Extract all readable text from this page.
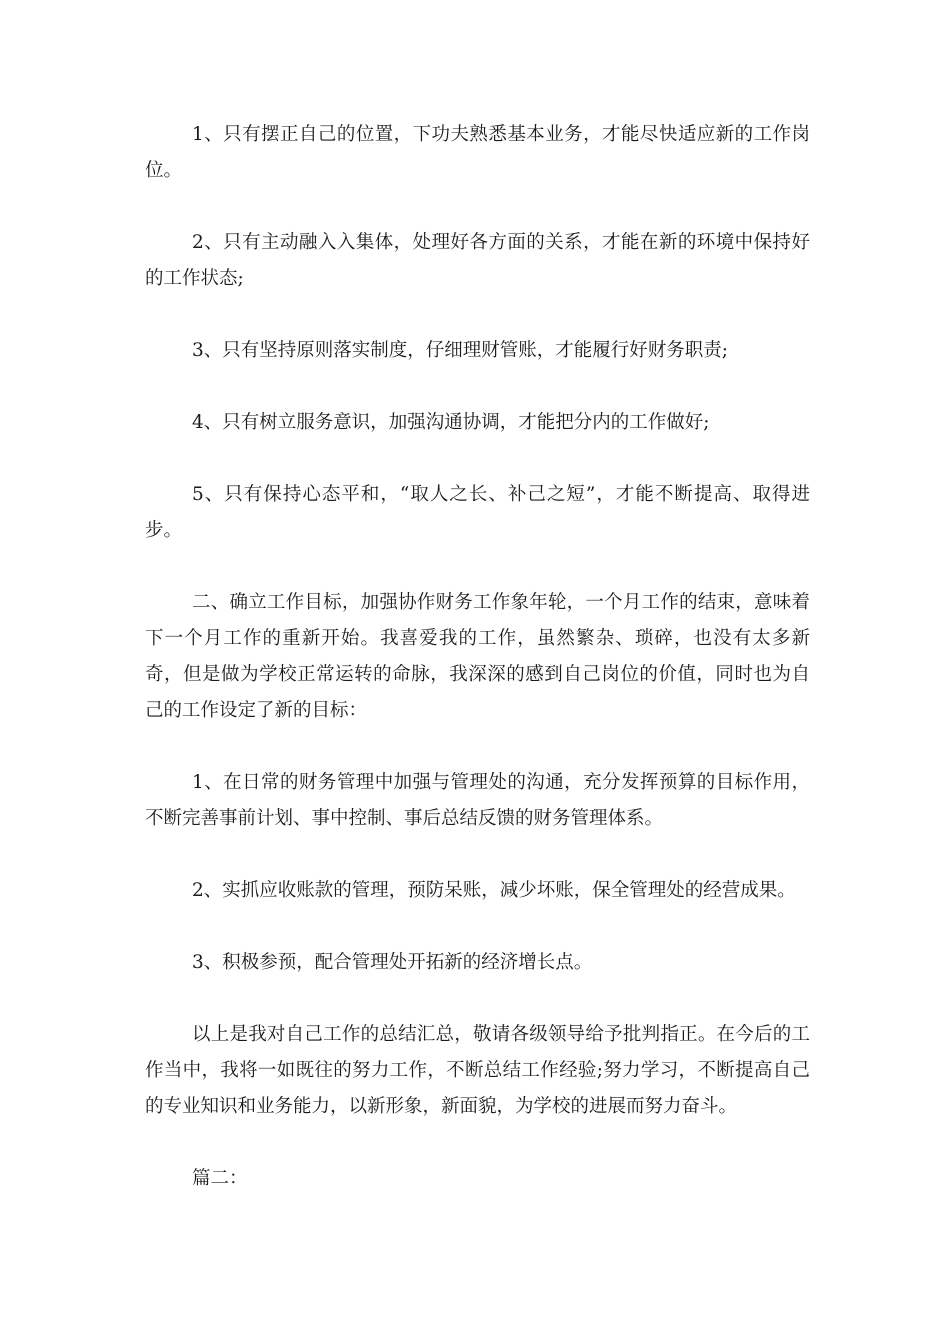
1、只有摆正自己的位置，下功夫熟悉基本业务，才能尽快适应新的工作岗位。

2、只有主动融入入集体，处理好各方面的关系，才能在新的环境中保持好的工作状态;

3、只有坚持原则落实制度，仔细理财管账，才能履行好财务职责;

4、只有树立服务意识，加强沟通协调，才能把分内的工作做好;

5、只有保持心态平和，“取人之长、补己之短”，才能不断提高、取得进步。

二、确立工作目标，加强协作财务工作象年轮，一个月工作的结束，意味着下一个月工作的重新开始。我喜爱我的工作，虽然繁杂、琐碎，也没有太多新奇，但是做为学校正常运转的命脉，我深深的感到自己岗位的价值，同时也为自己的工作设定了新的目标：

1、在日常的财务管理中加强与管理处的沟通，充分发挥预算的目标作用，不断完善事前计划、事中控制、事后总结反馈的财务管理体系。

2、实抓应收账款的管理，预防呆账，减少坏账，保全管理处的经营成果。

3、积极参预，配合管理处开拓新的经济增长点。

以上是我对自己工作的总结汇总，敬请各级领导给予批判指正。在今后的工作当中，我将一如既往的努力工作，不断总结工作经验;努力学习，不断提高自己的专业知识和业务能力，以新形象，新面貌，为学校的进展而努力奋斗。

篇二：
